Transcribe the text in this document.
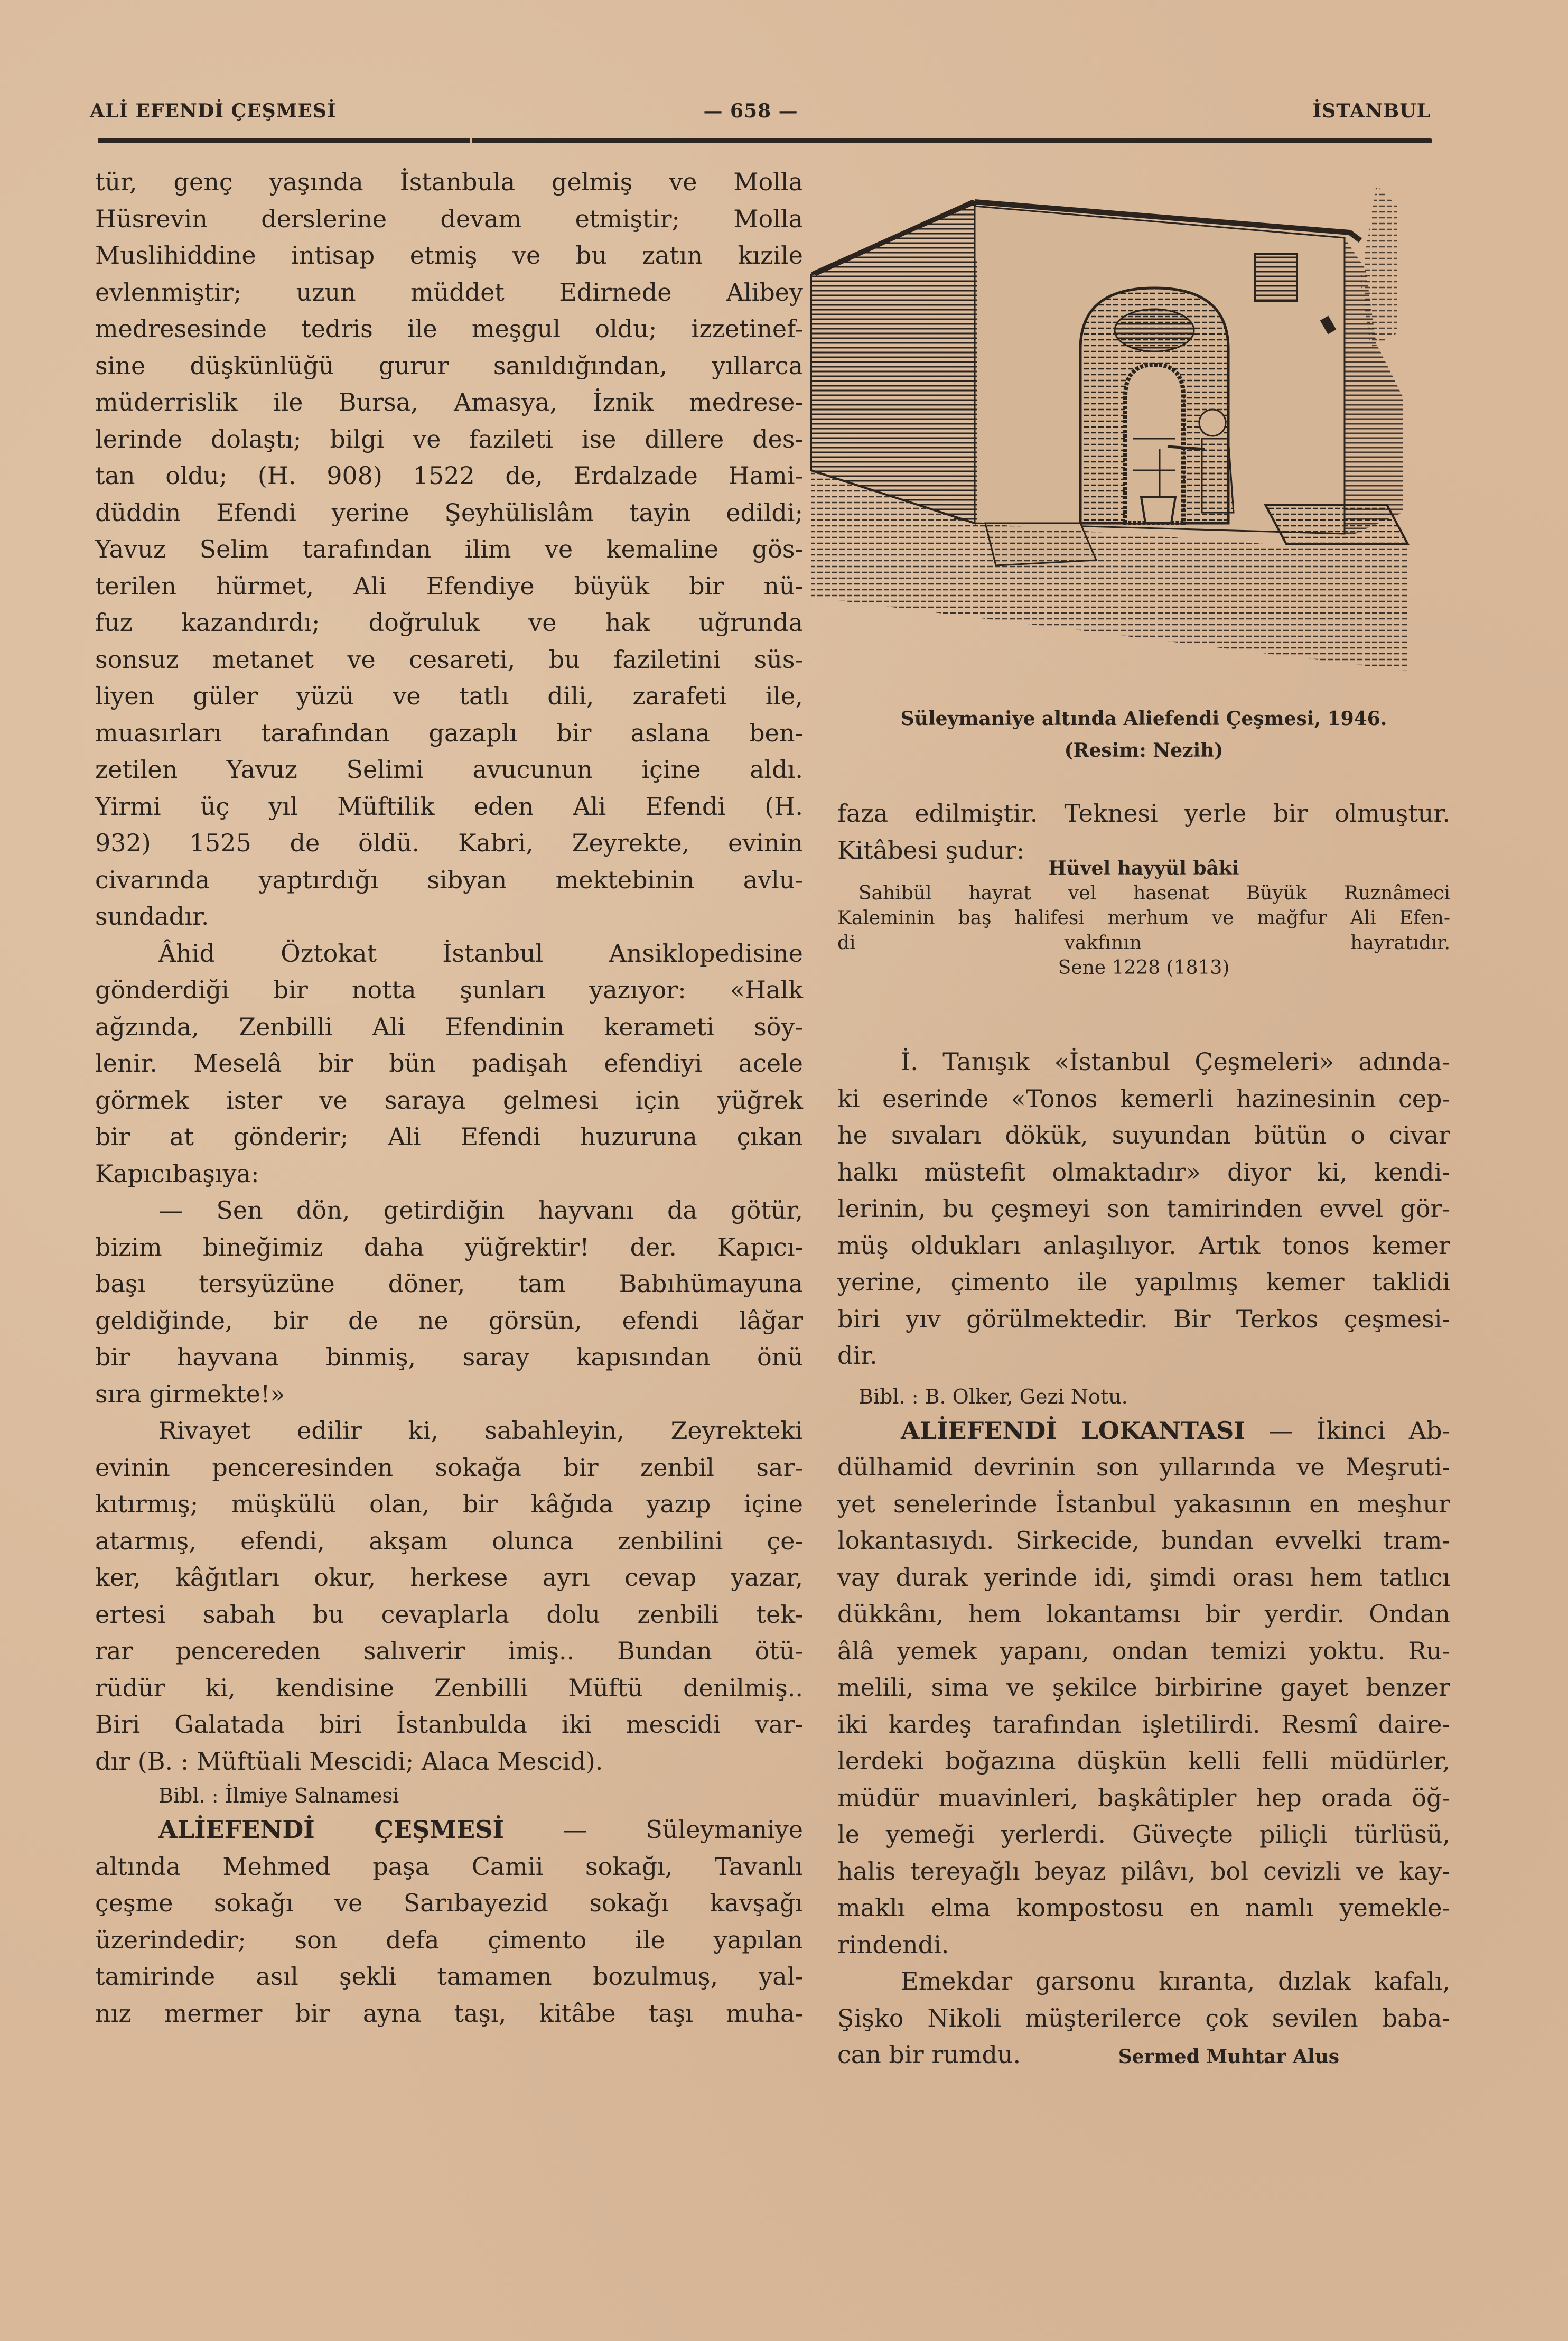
ALİ EFENDİ ÇEŞMESİ	— 658 —	İSTANBUL
tür, genç yaşında İstanbula gelmiş ve Molla
Hüsrevin derslerine devam etmiştir; Molla
Muslihiddine intisap etmiş ve bu zatın kızile
evlenmiştir; uzun müddet Edirnede Alibey
medresesinde tedris ile meşgul oldu; izzetinef-
sine düşkünlüğü gurur sanıldığından, yıllarca
müderrislik ile Bursa, Amasya, İznik medrese-
lerinde dolaştı; bilgi ve fazileti ise dillere des-
tan oldu; (H. 908) 1522 de, Erdalzade Hami-
düddin Efendi yerine Şeyhülislâm tayin edildi;
Yavuz Selim tarafından ilim ve kemaline gös-
terilen hürmet, Ali Efendiye büyük bir nü-
fuz kazandırdı; doğruluk ve hak uğrunda
sonsuz metanet ve cesareti, bu faziletini süs-
liyen güler yüzü ve tatlı dili, zarafeti ile,
muasırları tarafından gazaplı bir aslana ben-
zetilen Yavuz Selimi avucunun içine aldı.
Yirmi üç yıl Müftilik eden Ali Efendi (H.
932) 1525 de öldü. Kabri, Zeyrekte, evinin
civarında yaptırdığı sibyan mektebinin avlu-
sundadır.
Âhid Öztokat İstanbul Ansiklopedisine
gönderdiği bir notta şunları yazıyor: «Halk
ağzında, Zenbilli Ali Efendinin kerameti söy-
lenir. Meselâ bir bün padişah efendiyi acele
görmek ister ve saraya gelmesi için yüğrek
bir at gönderir; Ali Efendi huzuruna çıkan
Kapıcıbaşıya:
— Sen dön, getirdiğin hayvanı da götür,
bizim bineğimiz daha yüğrektir! der. Kapıcı-
başı tersyüzüne döner, tam Babıhümayuna
geldiğinde, bir de ne görsün, efendi lâğar
bir hayvana binmiş, saray kapısından önü
sıra girmekte!»
Rivayet edilir ki, sabahleyin, Zeyrekteki
evinin penceresinden sokağa bir zenbil sar-
kıtırmış; müşkülü olan, bir kâğıda yazıp içine
atarmış, efendi, akşam olunca zenbilini çe-
ker, kâğıtları okur, herkese ayrı cevap yazar,
ertesi sabah bu cevaplarla dolu zenbili tek-
rar pencereden salıverir imiş.. Bundan ötü-
rüdür ki, kendisine Zenbilli Müftü denilmiş..
Biri Galatada biri İstanbulda iki mescidi var-
dır (B. : Müftüali Mescidi; Alaca Mescid).
Bibl. : İlmiye Salnamesi
ALİEFENDİ ÇEŞMESİ — Süleymaniye
altında Mehmed paşa Camii sokağı, Tavanlı
çeşme sokağı ve Sarıbayezid sokağı kavşağı
üzerindedir; son defa çimento ile yapılan
tamirinde asıl şekli tamamen bozulmuş, yal-
nız mermer bir ayna taşı, kitâbe taşı muha-
Süleymaniye altında Aliefendi Çeşmesi, 1946.
(Resim: Nezih)
faza edilmiştir. Teknesi yerle bir olmuştur.
Kitâbesi şudur:
Hüvel hayyül bâki
Sahibül hayrat vel hasenat Büyük Ruznâmeci
Kaleminin baş halifesi merhum ve mağfur Ali Efen-
di vakfının hayratıdır.
Sene 1228 (1813)
İ. Tanışık «İstanbul Çeşmeleri» adında-
ki eserinde «Tonos kemerli hazinesinin cep-
he sıvaları dökük, suyundan bütün o civar
halkı müstefit olmaktadır» diyor ki, kendi-
lerinin, bu çeşmeyi son tamirinden evvel gör-
müş oldukları anlaşılıyor. Artık tonos kemer
yerine, çimento ile yapılmış kemer taklidi
biri yıv görülmektedir. Bir Terkos çeşmesi-
dir.
Bibl. : B. Olker, Gezi Notu.
ALİEFENDİ LOKANTASI — İkinci Ab-
dülhamid devrinin son yıllarında ve Meşruti-
yet senelerinde İstanbul yakasının en meşhur
lokantasıydı. Sirkecide, bundan evvelki tram-
vay durak yerinde idi, şimdi orası hem tatlıcı
dükkânı, hem lokantamsı bir yerdir. Ondan
âlâ yemek yapanı, ondan temizi yoktu. Ru-
melili, sima ve şekilce birbirine gayet benzer
iki kardeş tarafından işletilirdi. Resmî daire-
lerdeki boğazına düşkün kelli felli müdürler,
müdür muavinleri, başkâtipler hep orada öğ-
le yemeği yerlerdi. Güveçte piliçli türlüsü,
halis tereyağlı beyaz pilâvı, bol cevizli ve kay-
maklı elma kompostosu en namlı yemekle-
rindendi.
Emekdar garsonu kıranta, dızlak kafalı,
Şişko Nikoli müşterilerce çok sevilen baba-
can bir rumdu.	Sermed Muhtar Alus
